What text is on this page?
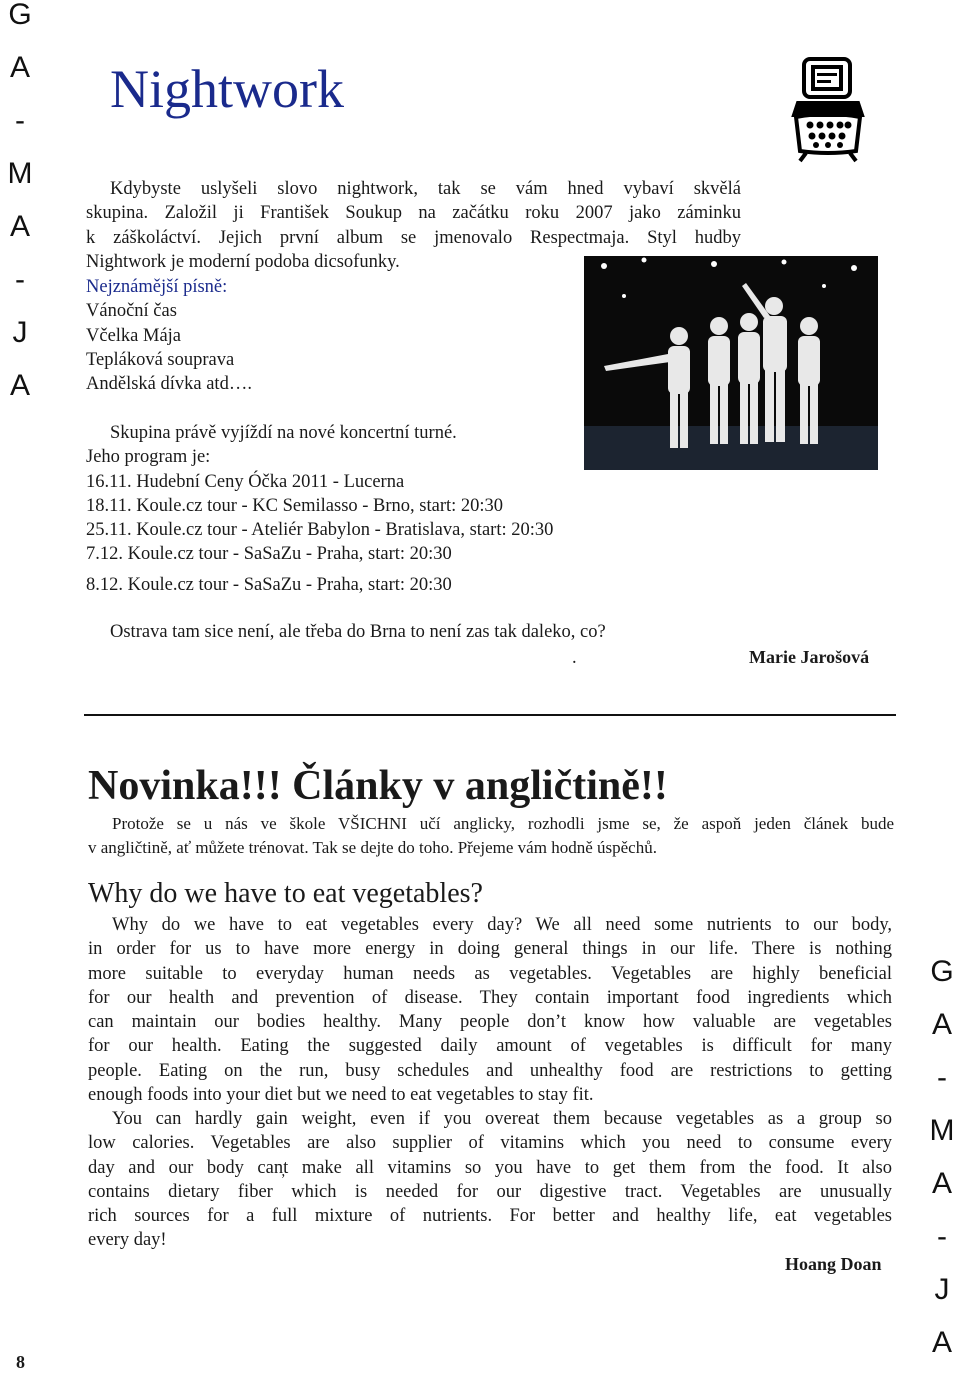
G
A
-
M
A
-
J
A
G
A
-
M
A
-
J
A
Nightwork
Kdybyste uslyšeli slovo nightwork, tak se vám hned vybaví skvělá
skupina. Založil ji František Soukup na začátku roku 2007 jako záminku
k záškoláctví. Jejich první album se jmenovalo Respectmaja. Styl hudby
Nightwork je moderní podoba dicsofunky.
Nejznámější písně:
Vánoční čas
Včelka Mája
Tepláková souprava
Andělská dívka atd….
Skupina právě vyjíždí na nové koncertní turné.
Jeho program je:
16.11. Hudební Ceny Óčka 2011 - Lucerna
18.11. Koule.cz tour - KC Semilasso - Brno, start: 20:30
25.11. Koule.cz tour - Ateliér Babylon - Bratislava, start: 20:30
7.12. Koule.cz tour - SaSaZu - Praha, start: 20:30
8.12. Koule.cz tour - SaSaZu - Praha, start: 20:30
Ostrava tam sice není, ale třeba do Brna to není zas tak daleko, co?
.	Marie Jarošová
Novinka!!! Články v angličtině!!
Protože se u nás ve škole VŠICHNI učí anglicky, rozhodli jsme se, že aspoň jeden článek bude
v angličtině, ať můžete trénovat. Tak se dejte do toho. Přejeme vám hodně úspěchů.
Why do we have to eat vegetables?
Why do we have to eat vegetables every day? We all need some nutrients to our body,
in order for us to have more energy in doing general things in our life. There is nothing
more suitable to everyday human needs as vegetables. Vegetables are highly beneficial
for our health and prevention of disease. They contain important food ingredients which
can maintain our bodies healthy. Many people don’t know how valuable are vegetables
for our health. Eating the suggested daily amount of vegetables is difficult for many
people. Eating on the run, busy schedules and unhealthy food are restrictions to getting
enough foods into your diet but we need to eat vegetables to stay fit.
You can hardly gain weight, even if you overeat them because vegetables as a group so
low calories. Vegetables are also supplier of vitamins which you need to consume every
day and our body can̦t make all vitamins so you have to get them from the food. It also
contains dietary fiber which is needed for our digestive tract. Vegetables are unusually
rich sources for a full mixture of nutrients. For better and healthy life, eat vegetables
every day!
Hoang Doan
8
